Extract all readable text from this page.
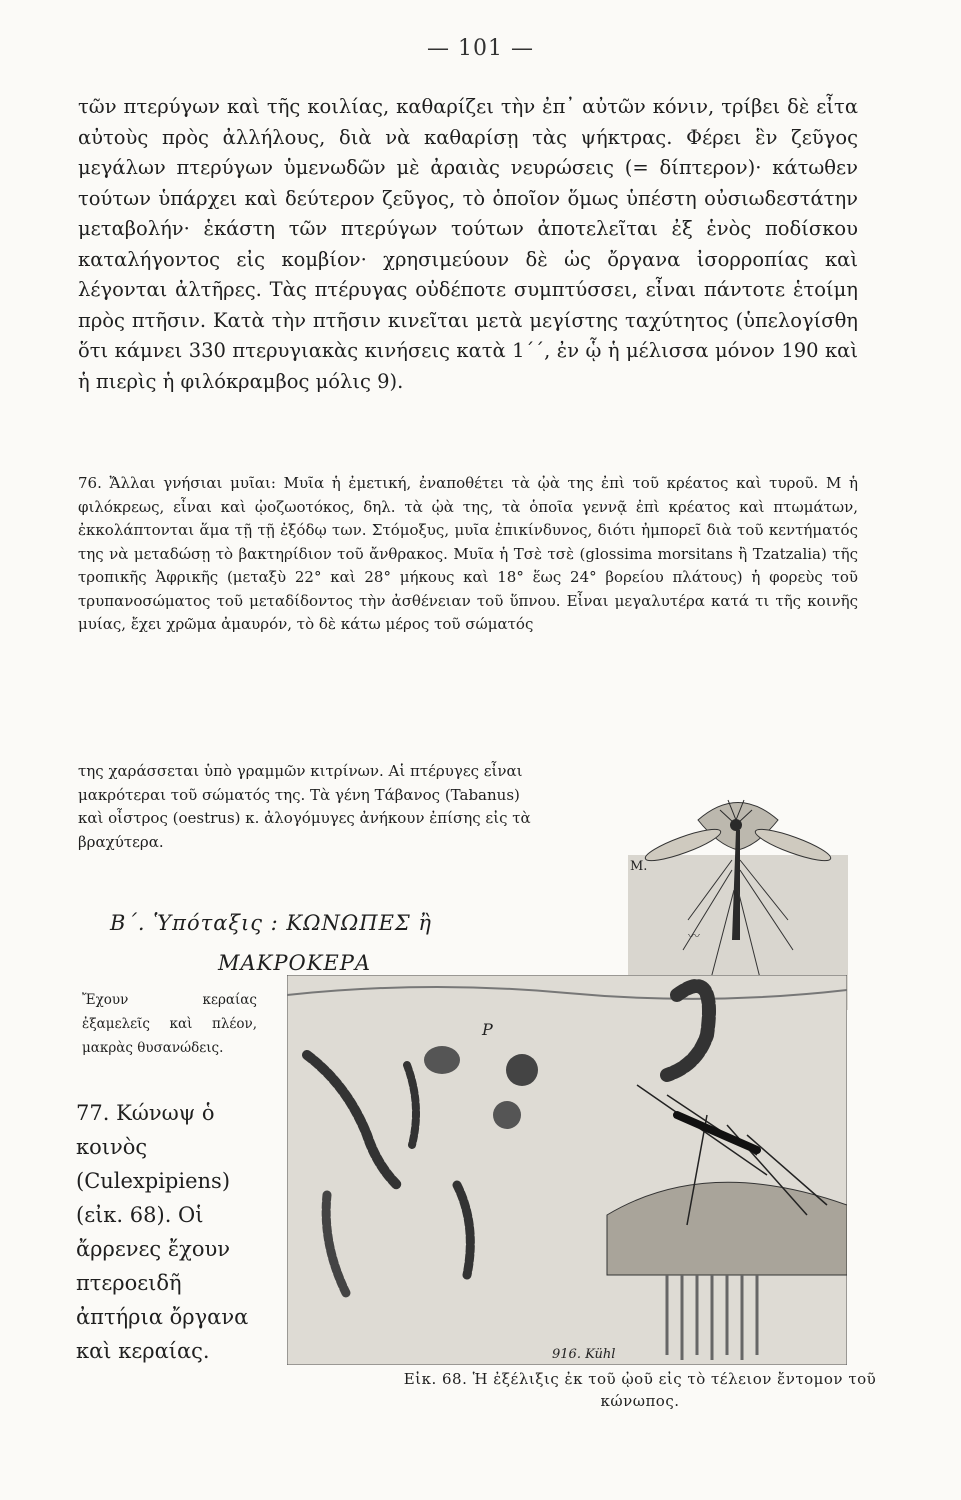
— 101 —
τῶν πτερύγων καὶ τῆς κοιλίας, καθαρίζει τὴν ἐπ᾿ αὐτῶν κόνιν, τρίβει δὲ εἶτα αὐτοὺς πρὸς ἀλλήλους, διὰ νὰ καθαρίσῃ τὰς ψήκτρας. Φέρει ἓν ζεῦγος μεγάλων πτερύγων ὑμενωδῶν μὲ ἀραιὰς νευρώσεις (= δίπτερον)· κάτωθεν τούτων ὑπάρχει καὶ δεύτερον ζεῦγος, τὸ ὁποῖον ὅμως ὑπέστη οὐσιωδεστάτην μεταβολήν· ἑκάστη τῶν πτερύγων τούτων ἀποτελεῖται ἐξ ἑνὸς ποδίσκου καταλήγοντος εἰς κομβίον· χρησιμεύουν δὲ ὡς ὄργανα ἰσορροπίας καὶ λέγονται ἀλτῆρες. Τὰς πτέρυγας οὐδέποτε συμπτύσσει, εἶναι πάντοτε ἑτοίμη πρὸς πτῆσιν. Κατὰ τὴν πτῆσιν κινεῖται μετὰ μεγίστης ταχύτητος (ὑπελογίσθη ὅτι κάμνει 330 πτερυγιακὰς κινήσεις κατὰ 1΄΄, ἐν ᾧ ἡ μέλισσα μόνον 190 καὶ ἡ πιερὶς ἡ φιλόκραμβος μόλις 9).
76. Ἄλλαι γνήσιαι μυῖαι: Μυῖα ἡ ἐμετική, ἐναποθέτει τὰ ᾠὰ της ἐπὶ τοῦ κρέατος καὶ τυροῦ. Μ ἡ φιλόκρεως, εἶναι καὶ ᾠοζωοτόκος, δηλ. τὰ ᾠὰ της, τὰ ὁποῖα γεννᾷ ἐπὶ κρέατος καὶ πτωμάτων, ἐκκολάπτονται ἅμα τῇ τῇ ἐξόδῳ των. Στόμοξυς, μυῖα ἐπικίνδυνος, διότι ἠμπορεῖ διὰ τοῦ κεντήματός της νὰ μεταδώσῃ τὸ βακτηρίδιον τοῦ ἄνθρακος. Μυῖα ἡ Τσὲ τσὲ (glossima morsitans ἢ Tzatzalia) τῆς τροπικῆς Ἀφρικῆς (μεταξὺ 22° καὶ 28° μήκους καὶ 18° ἕως 24° βορείου πλάτους) ἡ φορεὺς τοῦ τρυπανοσώματος τοῦ μεταδίδοντος τὴν ἀσθένειαν τοῦ ὕπνου. Εἶναι μεγαλυτέρα κατά τι τῆς κοινῆς μυίας, ἔχει χρῶμα ἀμαυρόν, τὸ δὲ κάτω μέρος τοῦ σώματός
της χαράσσεται ὑπὸ γραμμῶν κιτρίνων. Αἱ πτέρυγες εἶναι μακρότεραι τοῦ σώματός της. Τὰ γένη Τάβανος (Tabanus) καὶ οἶστρος (oestrus) κ. ἀλογόμυγες ἀνήκουν ἐπίσης εἰς τὰ βραχύτερα.
Β΄. Ὑπόταξις : ΚΩΝΩΠΕΣ ἢ
ΜΑΚΡΟΚΕΡΑ
Ἔχουν κεραίας ἐξαμελεῖς καὶ πλέον, μακρὰς θυσανώδεις.
77. Κώνωψ ὁ κοινὸς (Culexpipiens) (εἰκ. 68). Οἱ ἄρρενες ἔχουν πτεροειδῆ ἀπτήρια ὄργανα καὶ κεραίας.
M.
〰
P
916. Kühl
Εἰκ. 68. Ἡ ἐξέλιξις ἐκ τοῦ ᾠοῦ εἰς τὸ τέλειον ἔντομον τοῦ κώνωπος.
